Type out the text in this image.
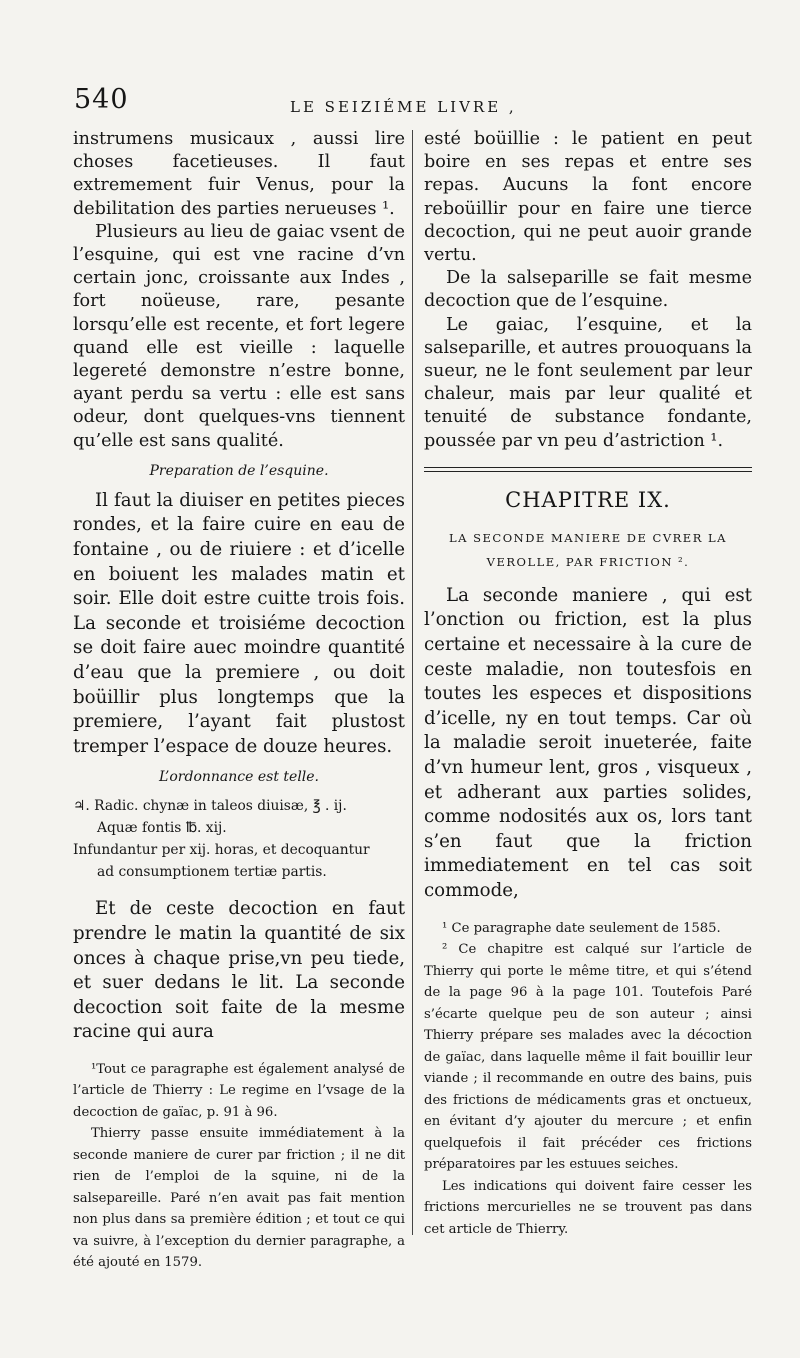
540	LE SEIZIÉME LIVRE ,

instrumens musicaux , aussi lire choses facetieuses. Il faut extremement fuir Venus, pour la debilitation des parties nerueuses ¹.

Plusieurs au lieu de gaiac vsent de l’esquine, qui est vne racine d’vn certain jonc, croissante aux Indes , fort noüeuse, rare, pesante lorsqu’elle est recente, et fort legere quand elle est vieille : laquelle legereté demonstre n’estre bonne, ayant perdu sa vertu : elle est sans odeur, dont quelques-vns tiennent qu’elle est sans qualité.

Preparation de l’esquine.

Il faut la diuiser en petites pieces rondes, et la faire cuire en eau de fontaine , ou de riuiere : et d’icelle en boiuent les malades matin et soir. Elle doit estre cuitte trois fois. La seconde et troisiéme decoction se doit faire auec moindre quantité d’eau que la premiere , ou doit boüillir plus longtemps que la premiere, l’ayant fait plustost tremper l’espace de douze heures.

L’ordonnance est telle.

♃. Radic. chynæ in taleos diuisæ, ℥ . ij.
Aquæ fontis ℔. xij.
Infundantur per xij. horas, et decoquantur
ad consumptionem tertiæ partis.

Et de ceste decoction en faut prendre le matin la quantité de six onces à chaque prise,vn peu tiede, et suer dedans le lit. La seconde decoction soit faite de la mesme racine qui aura

¹Tout ce paragraphe est également analysé de l’article de Thierry : Le regime en l’vsage de la decoction de gaïac, p. 91 à 96.

Thierry passe ensuite immédiatement à la seconde maniere de curer par friction ; il ne dit rien de l’emploi de la squine, ni de la salsepareille. Paré n’en avait pas fait mention non plus dans sa première édition ; et tout ce qui va suivre, à l’exception du dernier paragraphe, a été ajouté en 1579.

esté boüillie : le patient en peut boire en ses repas et entre ses repas. Aucuns la font encore reboüillir pour en faire une tierce decoction, qui ne peut auoir grande vertu.

De la salseparille se fait mesme decoction que de l’esquine.

Le gaiac, l’esquine, et la salseparille, et autres prouoquans la sueur, ne le font seulement par leur chaleur, mais par leur qualité et tenuité de substance fondante, poussée par vn peu d’astriction ¹.

CHAPITRE IX.
LA SECONDE MANIERE DE CVRER LA VEROLLE, PAR FRICTION ².

La seconde maniere , qui est l’onction ou friction, est la plus certaine et necessaire à la cure de ceste maladie, non toutesfois en toutes les especes et dispositions d’icelle, ny en tout temps. Car où la maladie seroit inueterée, faite d’vn humeur lent, gros , visqueux , et adherant aux parties solides, comme nodosités aux os, lors tant s’en faut que la friction immediatement en tel cas soit commode,

¹ Ce paragraphe date seulement de 1585.

² Ce chapitre est calqué sur l’article de Thierry qui porte le même titre, et qui s’étend de la page 96 à la page 101. Toutefois Paré s’écarte quelque peu de son auteur ; ainsi Thierry prépare ses malades avec la décoction de gaïac, dans laquelle même il fait bouillir leur viande ; il recommande en outre des bains, puis des frictions de médicaments gras et onctueux, en évitant d’y ajouter du mercure ; et enfin quelquefois il fait précéder ces frictions préparatoires par les estuues seiches.

Les indications qui doivent faire cesser les frictions mercurielles ne se trouvent pas dans cet article de Thierry.
